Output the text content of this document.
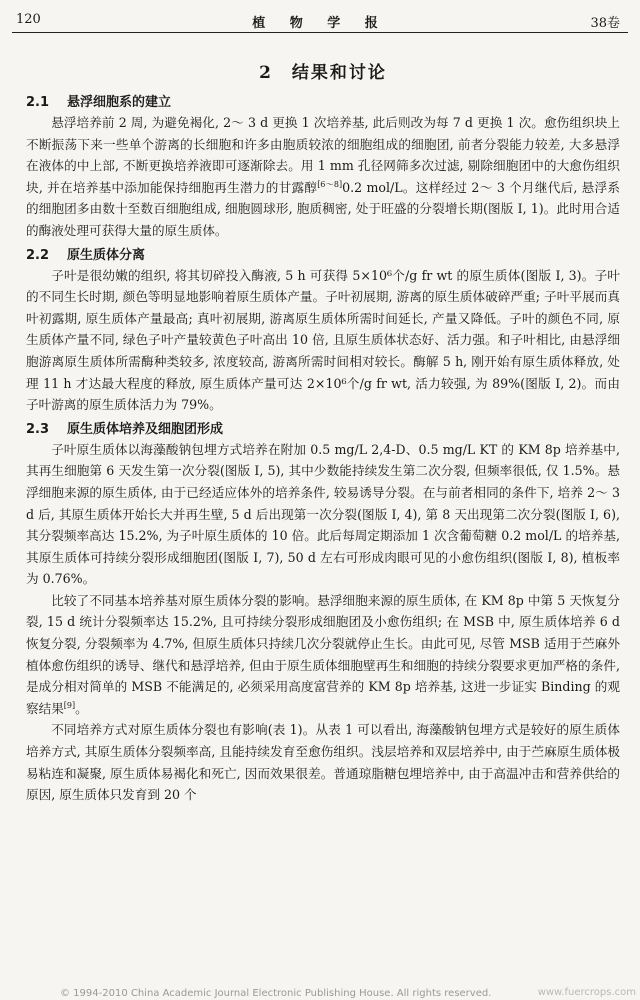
120	植 物 学 报	38卷
2　结果和讨论
2.1 悬浮细胞系的建立

悬浮培养前 2 周, 为避免褐化, 2～ 3 d 更换 1 次培养基, 此后则改为每 7 d 更换 1 次。愈伤组织块上不断振荡下来一些单个游离的长细胞和许多由胞质较浓的细胞组成的细胞团, 前者分裂能力较差, 大多悬浮在液体的中上部, 不断更换培养液即可逐渐除去。用 1 mm 孔径网筛多次过滤, 剔除细胞团中的大愈伤组织块, 并在培养基中添加能保持细胞再生潜力的甘露醇[6～8]0.2 mol/L。这样经过 2～ 3 个月继代后, 悬浮系的细胞团多由数十至数百细胞组成, 细胞圆球形, 胞质稠密, 处于旺盛的分裂增长期(图版 I, 1)。此时用合适的酶液处理可获得大量的原生质体。

2.2 原生质体分离

子叶是很幼嫩的组织, 将其切碎投入酶液, 5 h 可获得 5×10⁶个/g fr wt 的原生质体(图版 I, 3)。子叶的不同生长时期, 颜色等明显地影响着原生质体产量。子叶初展期, 游离的原生质体破碎严重; 子叶平展而真叶初露期, 原生质体产量最高; 真叶初展期, 游离原生质体所需时间延长, 产量又降低。子叶的颜色不同, 原生质体产量不同, 绿色子叶产量较黄色子叶高出 10 倍, 且原生质体状态好、活力强。和子叶相比, 由悬浮细胞游离原生质体所需酶种类较多, 浓度较高, 游离所需时间相对较长。酶解 5 h, 刚开始有原生质体释放, 处理 11 h 才达最大程度的释放, 原生质体产量可达 2×10⁶个/g fr wt, 活力较强, 为 89%(图版 I, 2)。而由子叶游离的原生质体活力为 79%。

2.3 原生质体培养及细胞团形成

子叶原生质体以海藻酸钠包埋方式培养在附加 0.5 mg/L 2,4-D、0.5 mg/L KT 的 KM 8p 培养基中, 其再生细胞第 6 天发生第一次分裂(图版 I, 5), 其中少数能持续发生第二次分裂, 但频率很低, 仅 1.5%。悬浮细胞来源的原生质体, 由于已经适应体外的培养条件, 较易诱导分裂。在与前者相同的条件下, 培养 2～ 3 d 后, 其原生质体开始长大并再生壁, 5 d 后出现第一次分裂(图版 I, 4), 第 8 天出现第二次分裂(图版 I, 6), 其分裂频率高达 15.2%, 为子叶原生质体的 10 倍。此后每周定期添加 1 次含葡萄糖 0.2 mol/L 的培养基, 其原生质体可持续分裂形成细胞团(图版 I, 7), 50 d 左右可形成肉眼可见的小愈伤组织(图版 I, 8), 植板率为 0.76%。

比较了不同基本培养基对原生质体分裂的影响。悬浮细胞来源的原生质体, 在 KM 8p 中第 5 天恢复分裂, 15 d 统计分裂频率达 15.2%, 且可持续分裂形成细胞团及小愈伤组织; 在 MSB 中, 原生质体培养 6 d 恢复分裂, 分裂频率为 4.7%, 但原生质体只持续几次分裂就停止生长。由此可见, 尽管 MSB 适用于苎麻外植体愈伤组织的诱导、继代和悬浮培养, 但由于原生质体细胞壁再生和细胞的持续分裂要求更加严格的条件, 是成分相对简单的 MSB 不能满足的, 必须采用高度富营养的 KM 8p 培养基, 这进一步证实 Binding 的观察结果[9]。

不同培养方式对原生质体分裂也有影响(表 1)。从表 1 可以看出, 海藻酸钠包埋方式是较好的原生质体培养方式, 其原生质体分裂频率高, 且能持续发育至愈伤组织。浅层培养和双层培养中, 由于苎麻原生质体极易粘连和凝聚, 原生质体易褐化和死亡, 因而效果很差。普通琼脂糖包埋培养中, 由于高温冲击和营养供给的原因, 原生质体只发育到 20 个

© 1994-2010 China Academic Journal Electronic Publishing House. All rights reserved.	www.fuercrops.com
